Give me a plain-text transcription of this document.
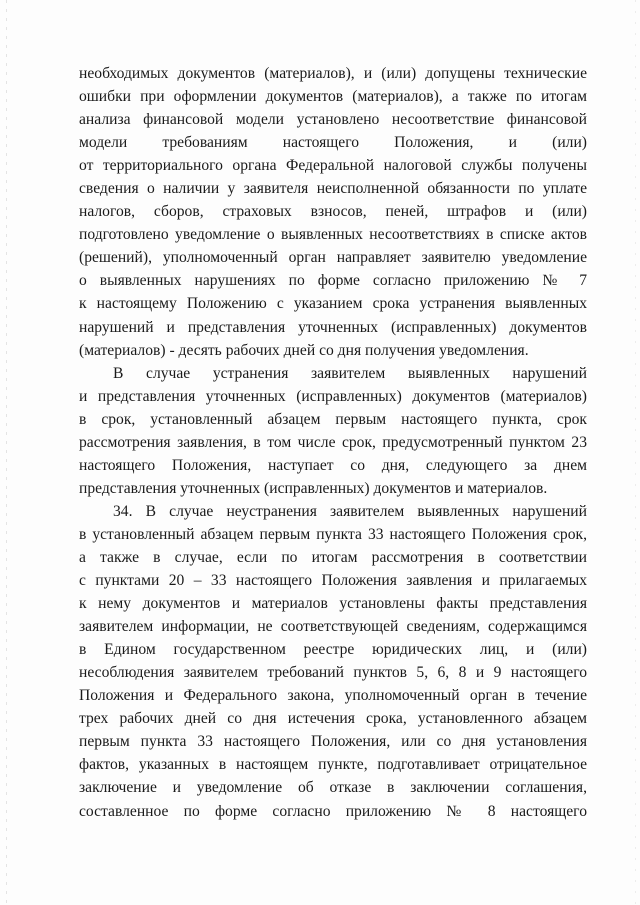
необходимых документов (материалов), и (или) допущены технические
ошибки при оформлении документов (материалов), а также по итогам
анализа финансовой модели установлено несоответствие финансовой
модели требованиям настоящего Положения, и (или)
от территориального органа Федеральной налоговой службы получены
сведения о наличии у заявителя неисполненной обязанности по уплате
налогов, сборов, страховых взносов, пеней, штрафов и (или)
подготовлено уведомление о выявленных несоответствиях в списке актов
(решений), уполномоченный орган направляет заявителю уведомление
о выявленных нарушениях по форме согласно приложению № 7
к настоящему Положению с указанием срока устранения выявленных
нарушений и представления уточненных (исправленных) документов
(материалов) - десять рабочих дней со дня получения уведомления.
В случае устранения заявителем выявленных нарушений
и представления уточненных (исправленных) документов (материалов)
в срок, установленный абзацем первым настоящего пункта, срок
рассмотрения заявления, в том числе срок, предусмотренный пунктом 23
настоящего Положения, наступает со дня, следующего за днем
представления уточненных (исправленных) документов и материалов.
34. В случае неустранения заявителем выявленных нарушений
в установленный абзацем первым пункта 33 настоящего Положения срок,
а также в случае, если по итогам рассмотрения в соответствии
с пунктами 20 – 33 настоящего Положения заявления и прилагаемых
к нему документов и материалов установлены факты представления
заявителем информации, не соответствующей сведениям, содержащимся
в Едином государственном реестре юридических лиц, и (или)
несоблюдения заявителем требований пунктов 5, 6, 8 и 9 настоящего
Положения и Федерального закона, уполномоченный орган в течение
трех рабочих дней со дня истечения срока, установленного абзацем
первым пункта 33 настоящего Положения, или со дня установления
фактов, указанных в настоящем пункте, подготавливает отрицательное
заключение и уведомление об отказе в заключении соглашения,
составленное по форме согласно приложению № 8 настоящего
